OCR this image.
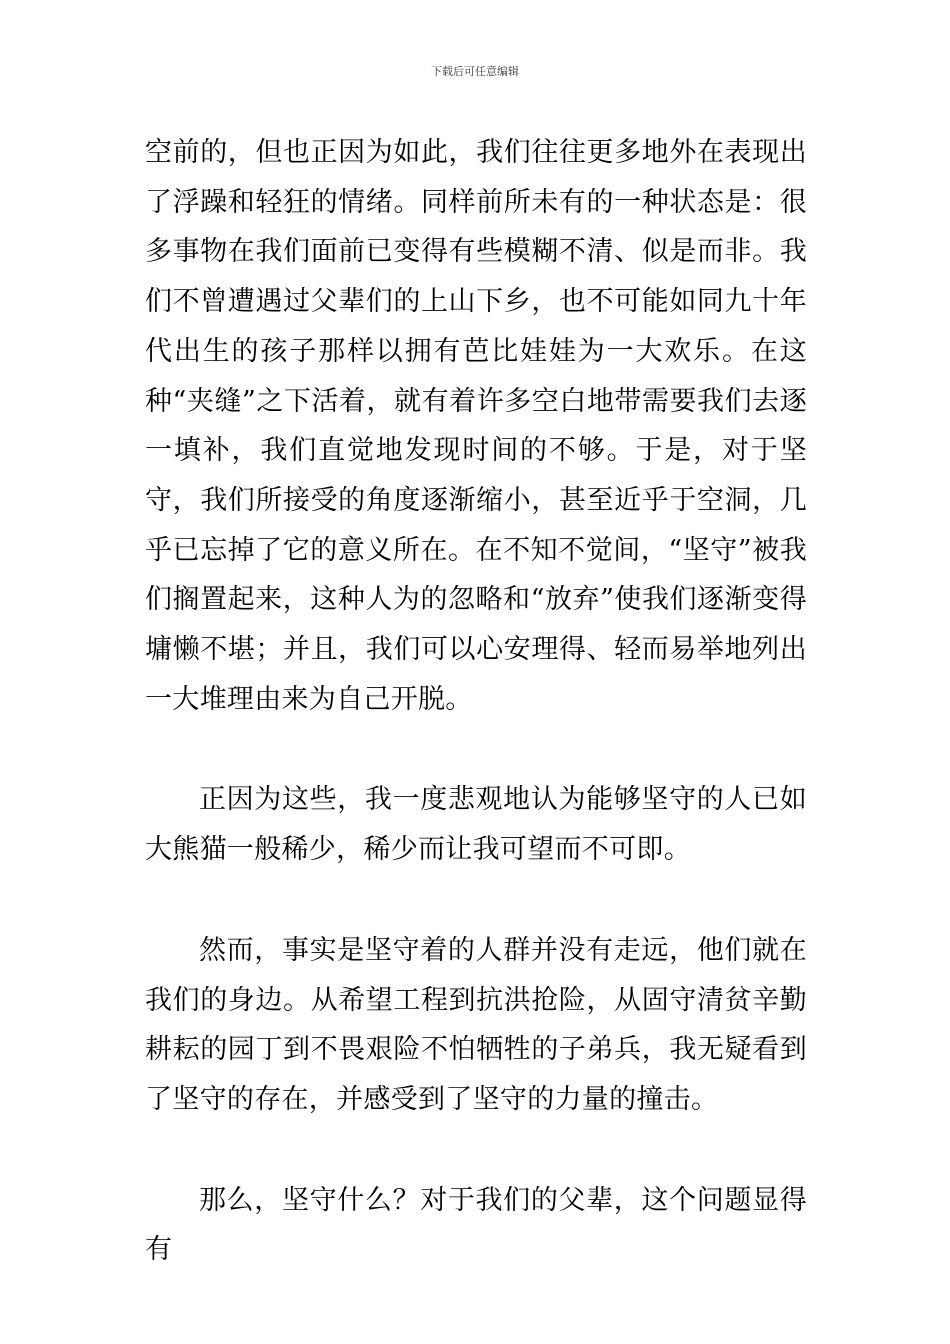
下载后可任意编辑

空前的，但也正因为如此，我们往往更多地外在表现出了浮躁和轻狂的情绪。同样前所未有的一种状态是：很多事物在我们面前已变得有些模糊不清、似是而非。我们不曾遭遇过父辈们的上山下乡，也不可能如同九十年代出生的孩子那样以拥有芭比娃娃为一大欢乐。在这种“夹缝”之下活着，就有着许多空白地带需要我们去逐一填补，我们直觉地发现时间的不够。于是，对于坚守，我们所接受的角度逐渐缩小，甚至近乎于空洞，几乎已忘掉了它的意义所在。在不知不觉间，“坚守”被我们搁置起来，这种人为的忽略和“放弃”使我们逐渐变得墉懒不堪；并且，我们可以心安理得、轻而易举地列出一大堆理由来为自己开脱。

正因为这些，我一度悲观地认为能够坚守的人已如大熊猫一般稀少，稀少而让我可望而不可即。

然而，事实是坚守着的人群并没有走远，他们就在我们的身边。从希望工程到抗洪抢险，从固守清贫辛勤耕耘的园丁到不畏艰险不怕牺牲的子弟兵，我无疑看到了坚守的存在，并感受到了坚守的力量的撞击。

那么，坚守什么？对于我们的父辈，这个问题显得有
